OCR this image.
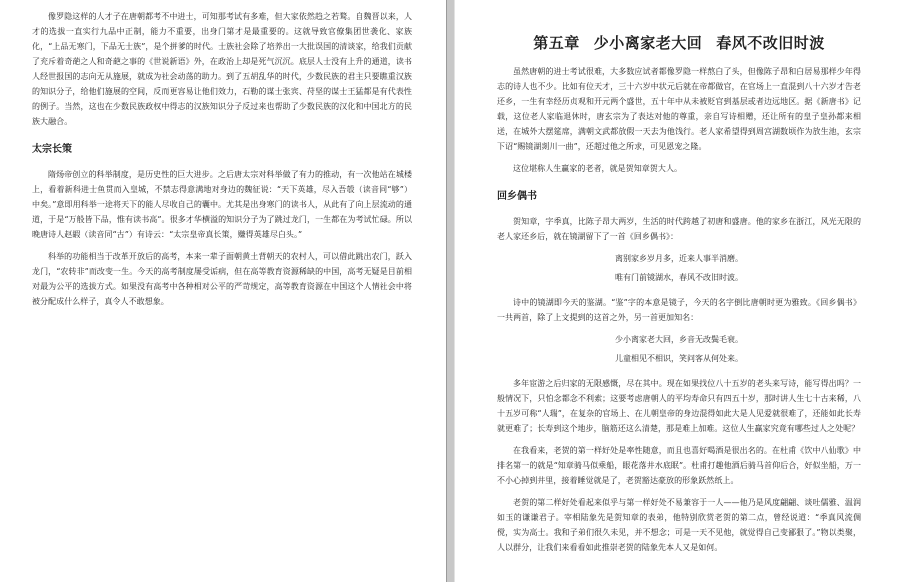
像罗隐这样的人才子在唐朝都考不中进士，可知那考试有多难，但大家依然趋之若鹜。自魏晋以来，人才的选拔一直实行九品中正制，能力不重要，出身门第才是最重要的。这就导致官僚集团世袭化、家族化，“上品无寒门，下品无士族”，是个拼爹的时代。士族社会除了培养出一大批误国的清谈家，给我们贡献了充斥着奇葩之人和奇葩之事的《世说新语》外，在政治上却是死气沉沉。底层人士没有上升的通道，读书人经世报国的志向无从施展，就成为社会动荡的助力。到了五胡乱华的时代，少数民族的君主只要瞧重汉族的知识分子，给他们施展的空间，反而更容易让他们效力，石勒的谋士张宾、苻坚的谋士王猛都是有代表性的例子。当然，这也在少数民族政权中得志的汉族知识分子反过来也帮助了少数民族的汉化和中国北方的民族大融合。

太宗长策

隋炀帝创立的科举制度，是历史性的巨大进步。之后唐太宗对科举做了有力的推动，有一次他站在城楼上，看着新科进士鱼贯而入皇城，不禁志得意满地对身边的魏征说：“天下英雄，尽入吾彀（读音同“够”）中矣。”意即用科举一途将天下的能人尽收自己的囊中。尤其是出身寒门的读书人，从此有了向上层流动的通道，于是“万般皆下品，惟有读书高”。很多才华横溢的知识分子为了跳过龙门，一生都在为考试忙碌。所以晚唐诗人赵嘏（读音同“古”）有诗云：“太宗皇帝真长策，赚得英雄尽白头。”

科举的功能相当于改革开放后的高考，本来一辈子面朝黄土背朝天的农村人，可以借此跳出农门，跃入龙门，“农转非”而改变一生。今天的高考制度屡受诟病，但在高等教育资源稀缺的中国，高考无疑是目前相对最为公平的选拔方式。如果没有高考中各种相对公平的严苛规定，高等教育资源在中国这个人情社会中将被分配成什么样子，真令人不敢想象。

第五章 少小离家老大回 春风不改旧时波

虽然唐朝的进士考试很难，大多数应试者都像罗隐一样熬白了头，但像陈子昂和白居易那样少年得志的诗人也不少。比如有位天才，三十六岁中状元后就在帝都做官，在官场上一直混到八十六岁才告老还乡，一生有幸经历贞观和开元两个盛世，五十年中从未被贬官到基层或者边远地区。据《新唐书》记载，这位老人家临退休时，唐玄宗为了表达对他的尊重，亲自写诗相赠，还让所有的皇子皇孙都来相送，在城外大摆筵席，满朝文武都放假一天去为他饯行。老人家希望得到周宫湖数顷作为放生池，玄宗下诏“赐镜湖剡川一曲”，还超过他之所求，可见恩宠之隆。

这位堪称人生赢家的老者，就是贺知章贺大人。

回乡偶书

贺知章，字季真，比陈子昂大两岁，生活的时代跨越了初唐和盛唐。他的家乡在浙江，风光无限的老人家还乡后，就在镜湖留下了一首《回乡偶书》：

离别家乡岁月多，近来人事半消磨。
唯有门前镜湖水，春风不改旧时波。

诗中的镜湖即今天的鉴湖。“鉴”字的本意是镜子，今天的名字倒比唐朝时更为雅致。《回乡偶书》一共两首，除了上文提到的这首之外，另一首更加知名：

少小离家老大回，乡音无改鬓毛衰。
儿童相见不相识，笑问客从何处来。

多年宦游之后归家的无限感慨，尽在其中。现在如果找位八十五岁的老头来写诗，能写得出吗？一般情况下，只怕念都念不利索；这要考虑唐朝人的平均寿命只有四五十岁，那时讲人生七十古来稀，八十五岁可称“人瑞”，在复杂的官场上、在儿朝皇帝的身边混得如此大是人见爱就很难了，还能如此长寿就更难了；长寿到这个地步，脑筋还这么清楚，那是难上加难。这位人生赢家究竟有哪些过人之处呢？

在我看来，老贺的第一样好处是率性随意，而且也喜好喝酒是很出名的。在杜甫《饮中八仙歌》中排名第一的就是“知章骑马似乘船，眼花落井水底眠”。杜甫打趣他酒后骑马首仰后合，好似坐船，万一不小心掉到井里，接着睡觉就是了，老贺豁达豪放的形象跃然纸上。

老贺的第二样好处看起来似乎与第一样好处不易兼容于一人——他乃是风度翩翩、谈吐儒雅、温润如玉的谦谦君子。宰相陆象先是贺知章的表弟，他特别欣赏老贺的第二点，曾经说道：“季真风流倜傥，实为高士。我和子弟们很久未见，并不想念；可是一天不见他，就觉得自己变鄙狠了。”物以类聚，人以群分，让我们来看看如此推崇老贺的陆象先本人又是如何。
